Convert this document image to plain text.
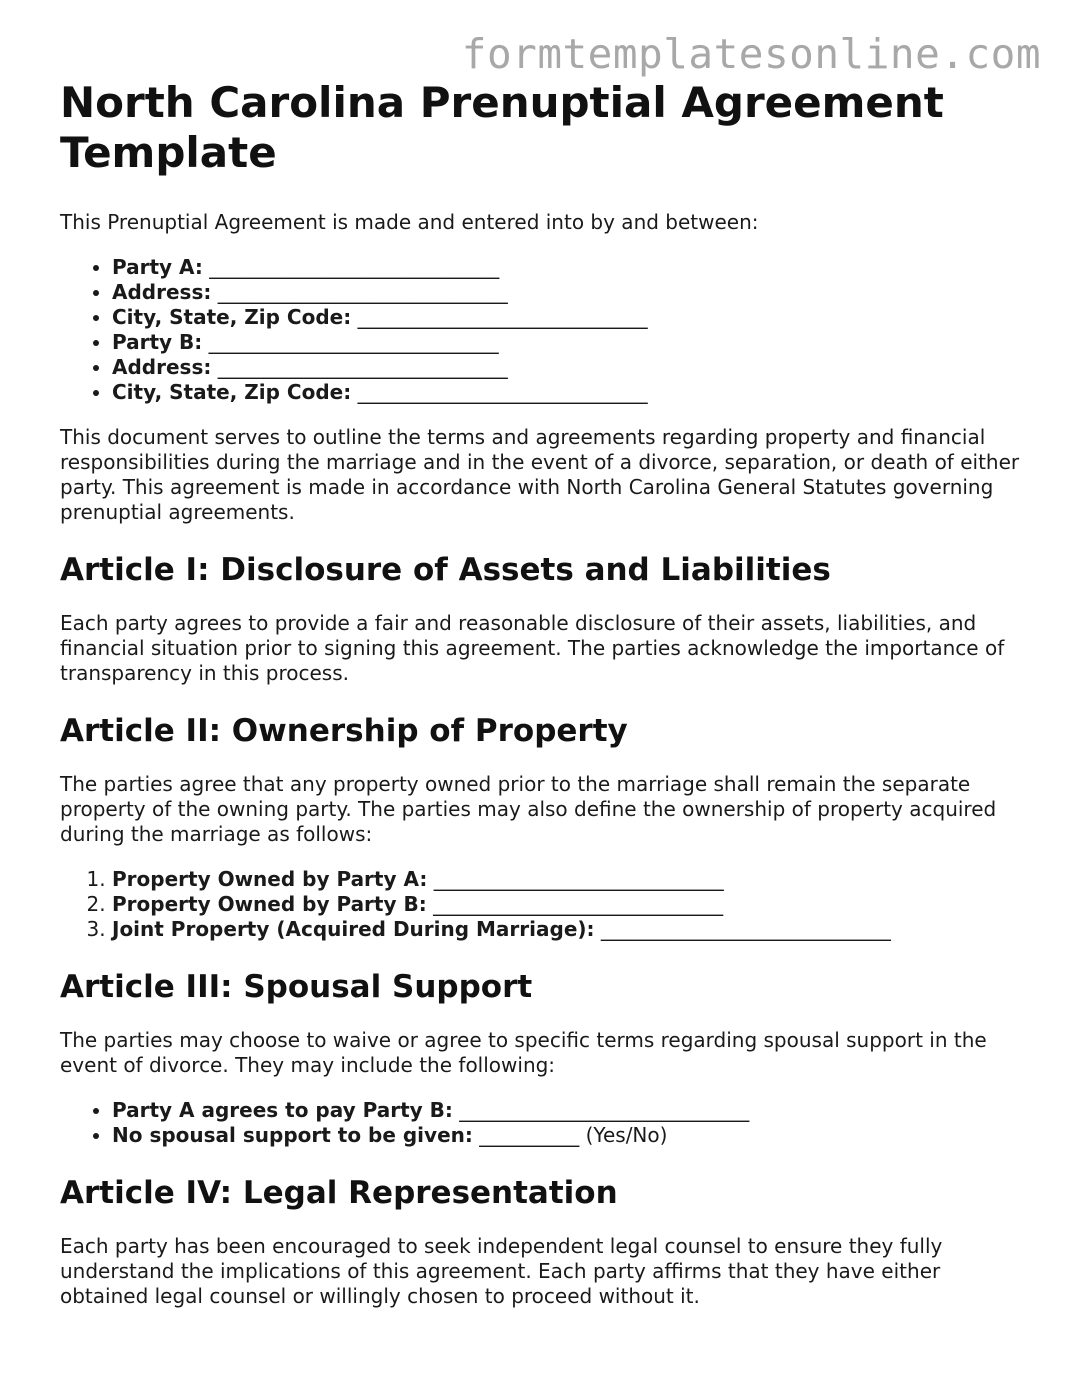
formtemplatesonline.com
North Carolina Prenuptial Agreement Template

This Prenuptial Agreement is made and entered into by and between:

• Party A: _____________________________
• Address: _____________________________
• City, State, Zip Code: _____________________________
• Party B: _____________________________
• Address: _____________________________
• City, State, Zip Code: _____________________________

This document serves to outline the terms and agreements regarding property and financial responsibilities during the marriage and in the event of a divorce, separation, or death of either party. This agreement is made in accordance with North Carolina General Statutes governing prenuptial agreements.

Article I: Disclosure of Assets and Liabilities

Each party agrees to provide a fair and reasonable disclosure of their assets, liabilities, and financial situation prior to signing this agreement. The parties acknowledge the importance of transparency in this process.

Article II: Ownership of Property

The parties agree that any property owned prior to the marriage shall remain the separate property of the owning party. The parties may also define the ownership of property acquired during the marriage as follows:

1. Property Owned by Party A: _____________________________
2. Property Owned by Party B: _____________________________
3. Joint Property (Acquired During Marriage): _____________________________
Article III: Spousal Support

The parties may choose to waive or agree to specific terms regarding spousal support in the event of divorce. They may include the following:

• Party A agrees to pay Party B: _____________________________
• No spousal support to be given: __________ (Yes/No)
Article IV: Legal Representation

Each party has been encouraged to seek independent legal counsel to ensure they fully understand the implications of this agreement. Each party affirms that they have either obtained legal counsel or willingly chosen to proceed without it.
